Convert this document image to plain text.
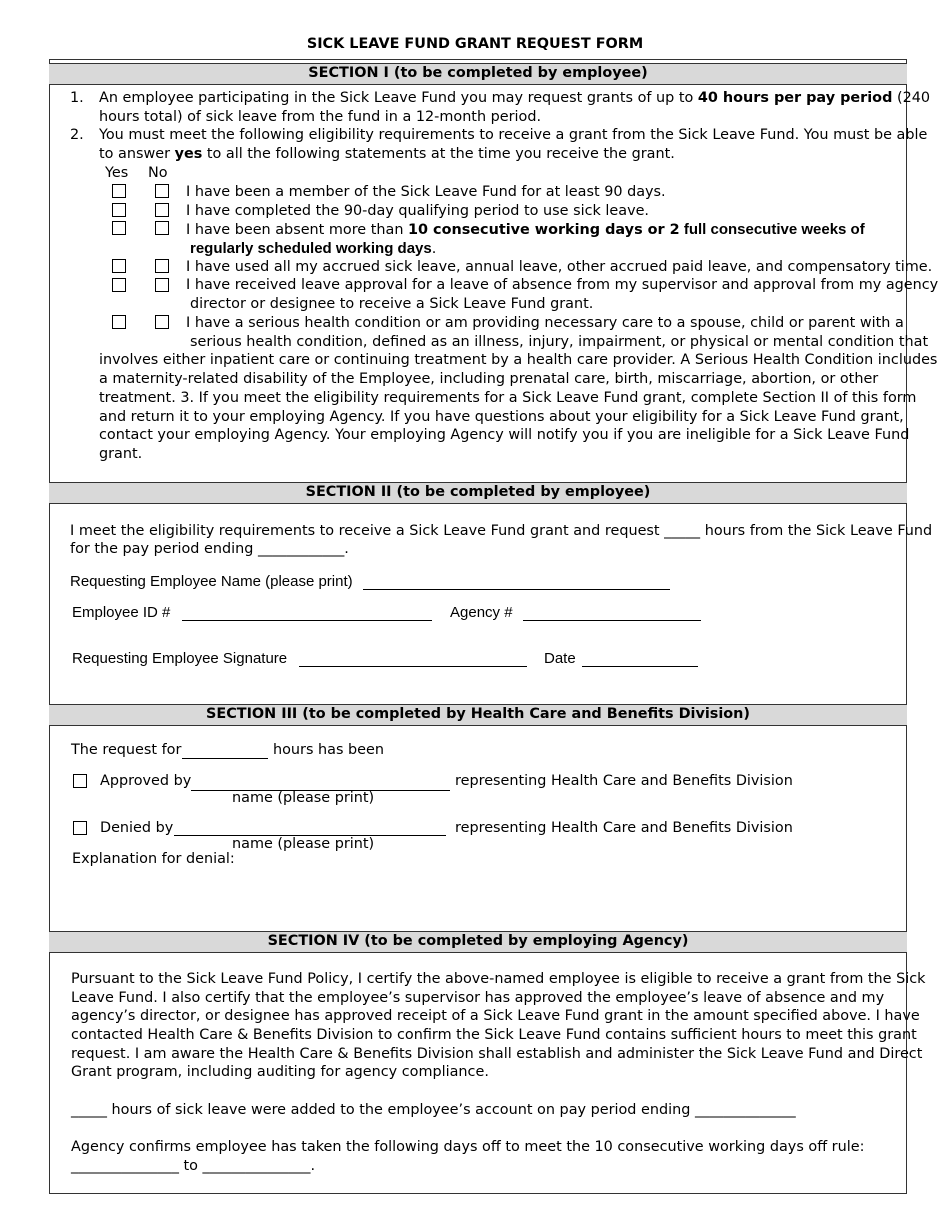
SICK LEAVE FUND GRANT REQUEST FORM
SECTION I (to be completed by employee)
1. An employee participating in the Sick Leave Fund you may request grants of up to 40 hours per pay period (240
hours total) of sick leave from the fund in a 12-month period.
2. You must meet the following eligibility requirements to receive a grant from the Sick Leave Fund. You must be able
to answer yes to all the following statements at the time you receive the grant.
Yes No
I have been a member of the Sick Leave Fund for at least 90 days.
I have completed the 90-day qualifying period to use sick leave.
I have been absent more than 10 consecutive working days or 2 full consecutive weeks of
regularly scheduled working days.
I have used all my accrued sick leave, annual leave, other accrued paid leave, and compensatory time.
I have received leave approval for a leave of absence from my supervisor and approval from my agency
director or designee to receive a Sick Leave Fund grant.
I have a serious health condition or am providing necessary care to a spouse, child or parent with a
serious health condition, defined as an illness, injury, impairment, or physical or mental condition that
involves either inpatient care or continuing treatment by a health care provider. A Serious Health Condition includes
a maternity-related disability of the Employee, including prenatal care, birth, miscarriage, abortion, or other
treatment. 3. If you meet the eligibility requirements for a Sick Leave Fund grant, complete Section II of this form
and return it to your employing Agency. If you have questions about your eligibility for a Sick Leave Fund grant,
contact your employing Agency. Your employing Agency will notify you if you are ineligible for a Sick Leave Fund
grant.
SECTION II (to be completed by employee)
I meet the eligibility requirements to receive a Sick Leave Fund grant and request _____ hours from the Sick Leave Fund
for the pay period ending ____________.
Requesting Employee Name (please print)
Employee ID #	Agency #
Requesting Employee Signature	Date
SECTION III (to be completed by Health Care and Benefits Division)
The request for	hours has been
Approved by	representing Health Care and Benefits Division
name (please print)
Denied by	representing Health Care and Benefits Division
name (please print)
Explanation for denial:
SECTION IV (to be completed by employing Agency)
Pursuant to the Sick Leave Fund Policy, I certify the above-named employee is eligible to receive a grant from the Sick
Leave Fund. I also certify that the employee’s supervisor has approved the employee’s leave of absence and my
agency’s director, or designee has approved receipt of a Sick Leave Fund grant in the amount specified above. I have
contacted Health Care & Benefits Division to confirm the Sick Leave Fund contains sufficient hours to meet this grant
request. I am aware the Health Care & Benefits Division shall establish and administer the Sick Leave Fund and Direct
Grant program, including auditing for agency compliance.
_____ hours of sick leave were added to the employee’s account on pay period ending ______________
Agency confirms employee has taken the following days off to meet the 10 consecutive working days off rule:
_______________ to _______________.
